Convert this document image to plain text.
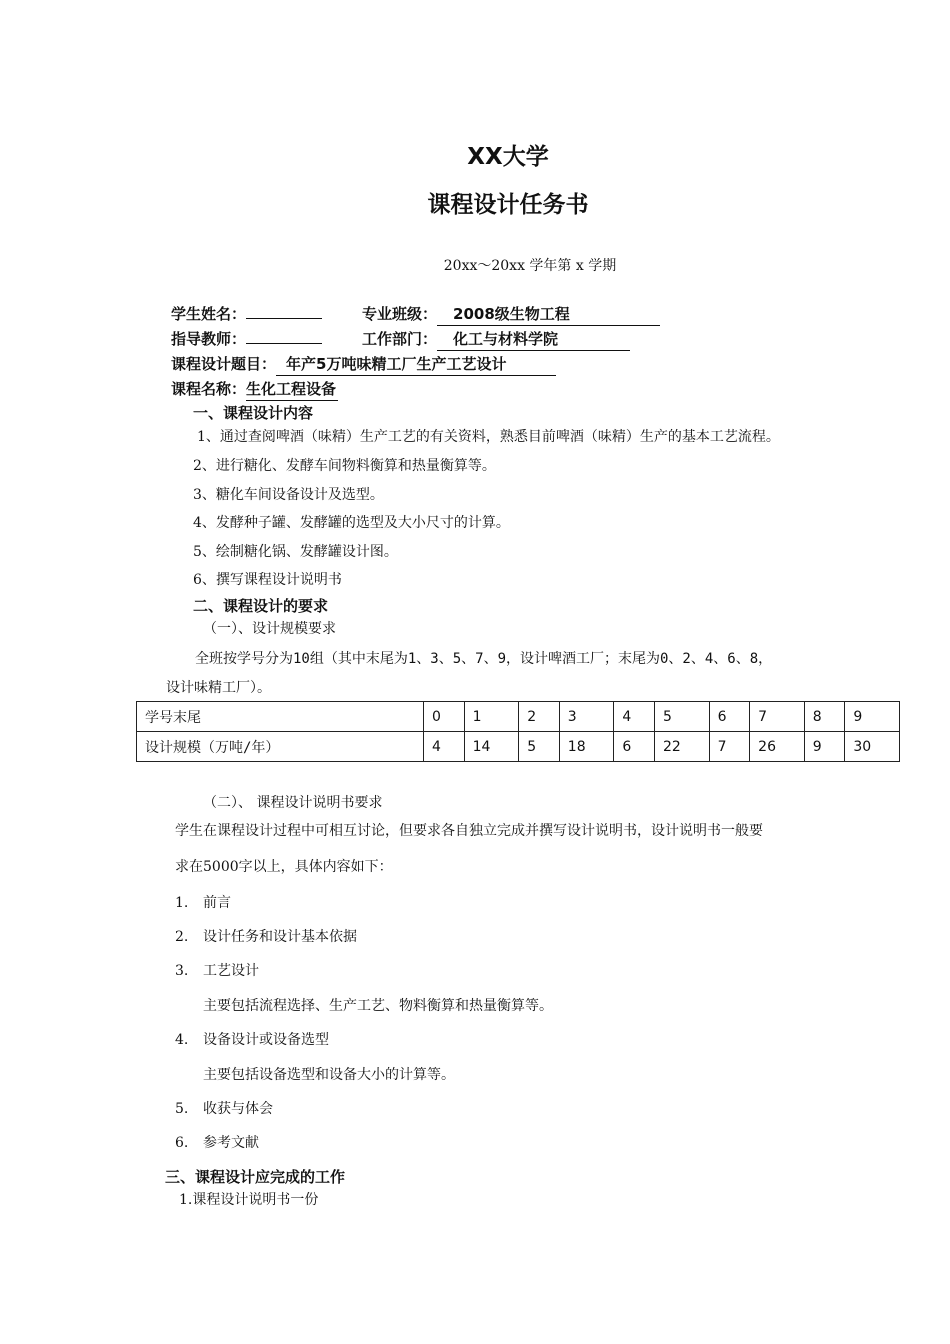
XX大学
课程设计任务书
20xx～20xx 学年第 x 学期
学生姓名：	专业班级： 2008级生物工程
指导教师：	工作部门： 化工与材料学院
课程设计题目： 年产5万吨味精工厂生产工艺设计
课程名称：生化工程设备
一、课程设计内容
1、通过查阅啤酒（味精）生产工艺的有关资料，熟悉目前啤酒（味精）生产的基本工艺流程。
2、进行糖化、发酵车间物料衡算和热量衡算等。
3、糖化车间设备设计及选型。
4、发酵种子罐、发酵罐的选型及大小尺寸的计算。
5、绘制糖化锅、发酵罐设计图。
6、撰写课程设计说明书
二、课程设计的要求
（一）、设计规模要求
全班按学号分为10组（其中末尾为1、3、5、7、9，设计啤酒工厂；末尾为0、2、4、6、8，
设计味精工厂）。
学号末尾	0	1	2	3	4	5	6	7	8	9
设计规模（万吨/年）	4	14	5	18	6	22	7	26	9	30
（二）、 课程设计说明书要求
学生在课程设计过程中可相互讨论，但要求各自独立完成并撰写设计说明书，设计说明书一般要
求在5000字以上，具体内容如下：
1. 前言
2. 设计任务和设计基本依据
3. 工艺设计
主要包括流程选择、生产工艺、物料衡算和热量衡算等。
4. 设备设计或设备选型
主要包括设备选型和设备大小的计算等。
5. 收获与体会
6. 参考文献
三、课程设计应完成的工作
1.课程设计说明书一份
